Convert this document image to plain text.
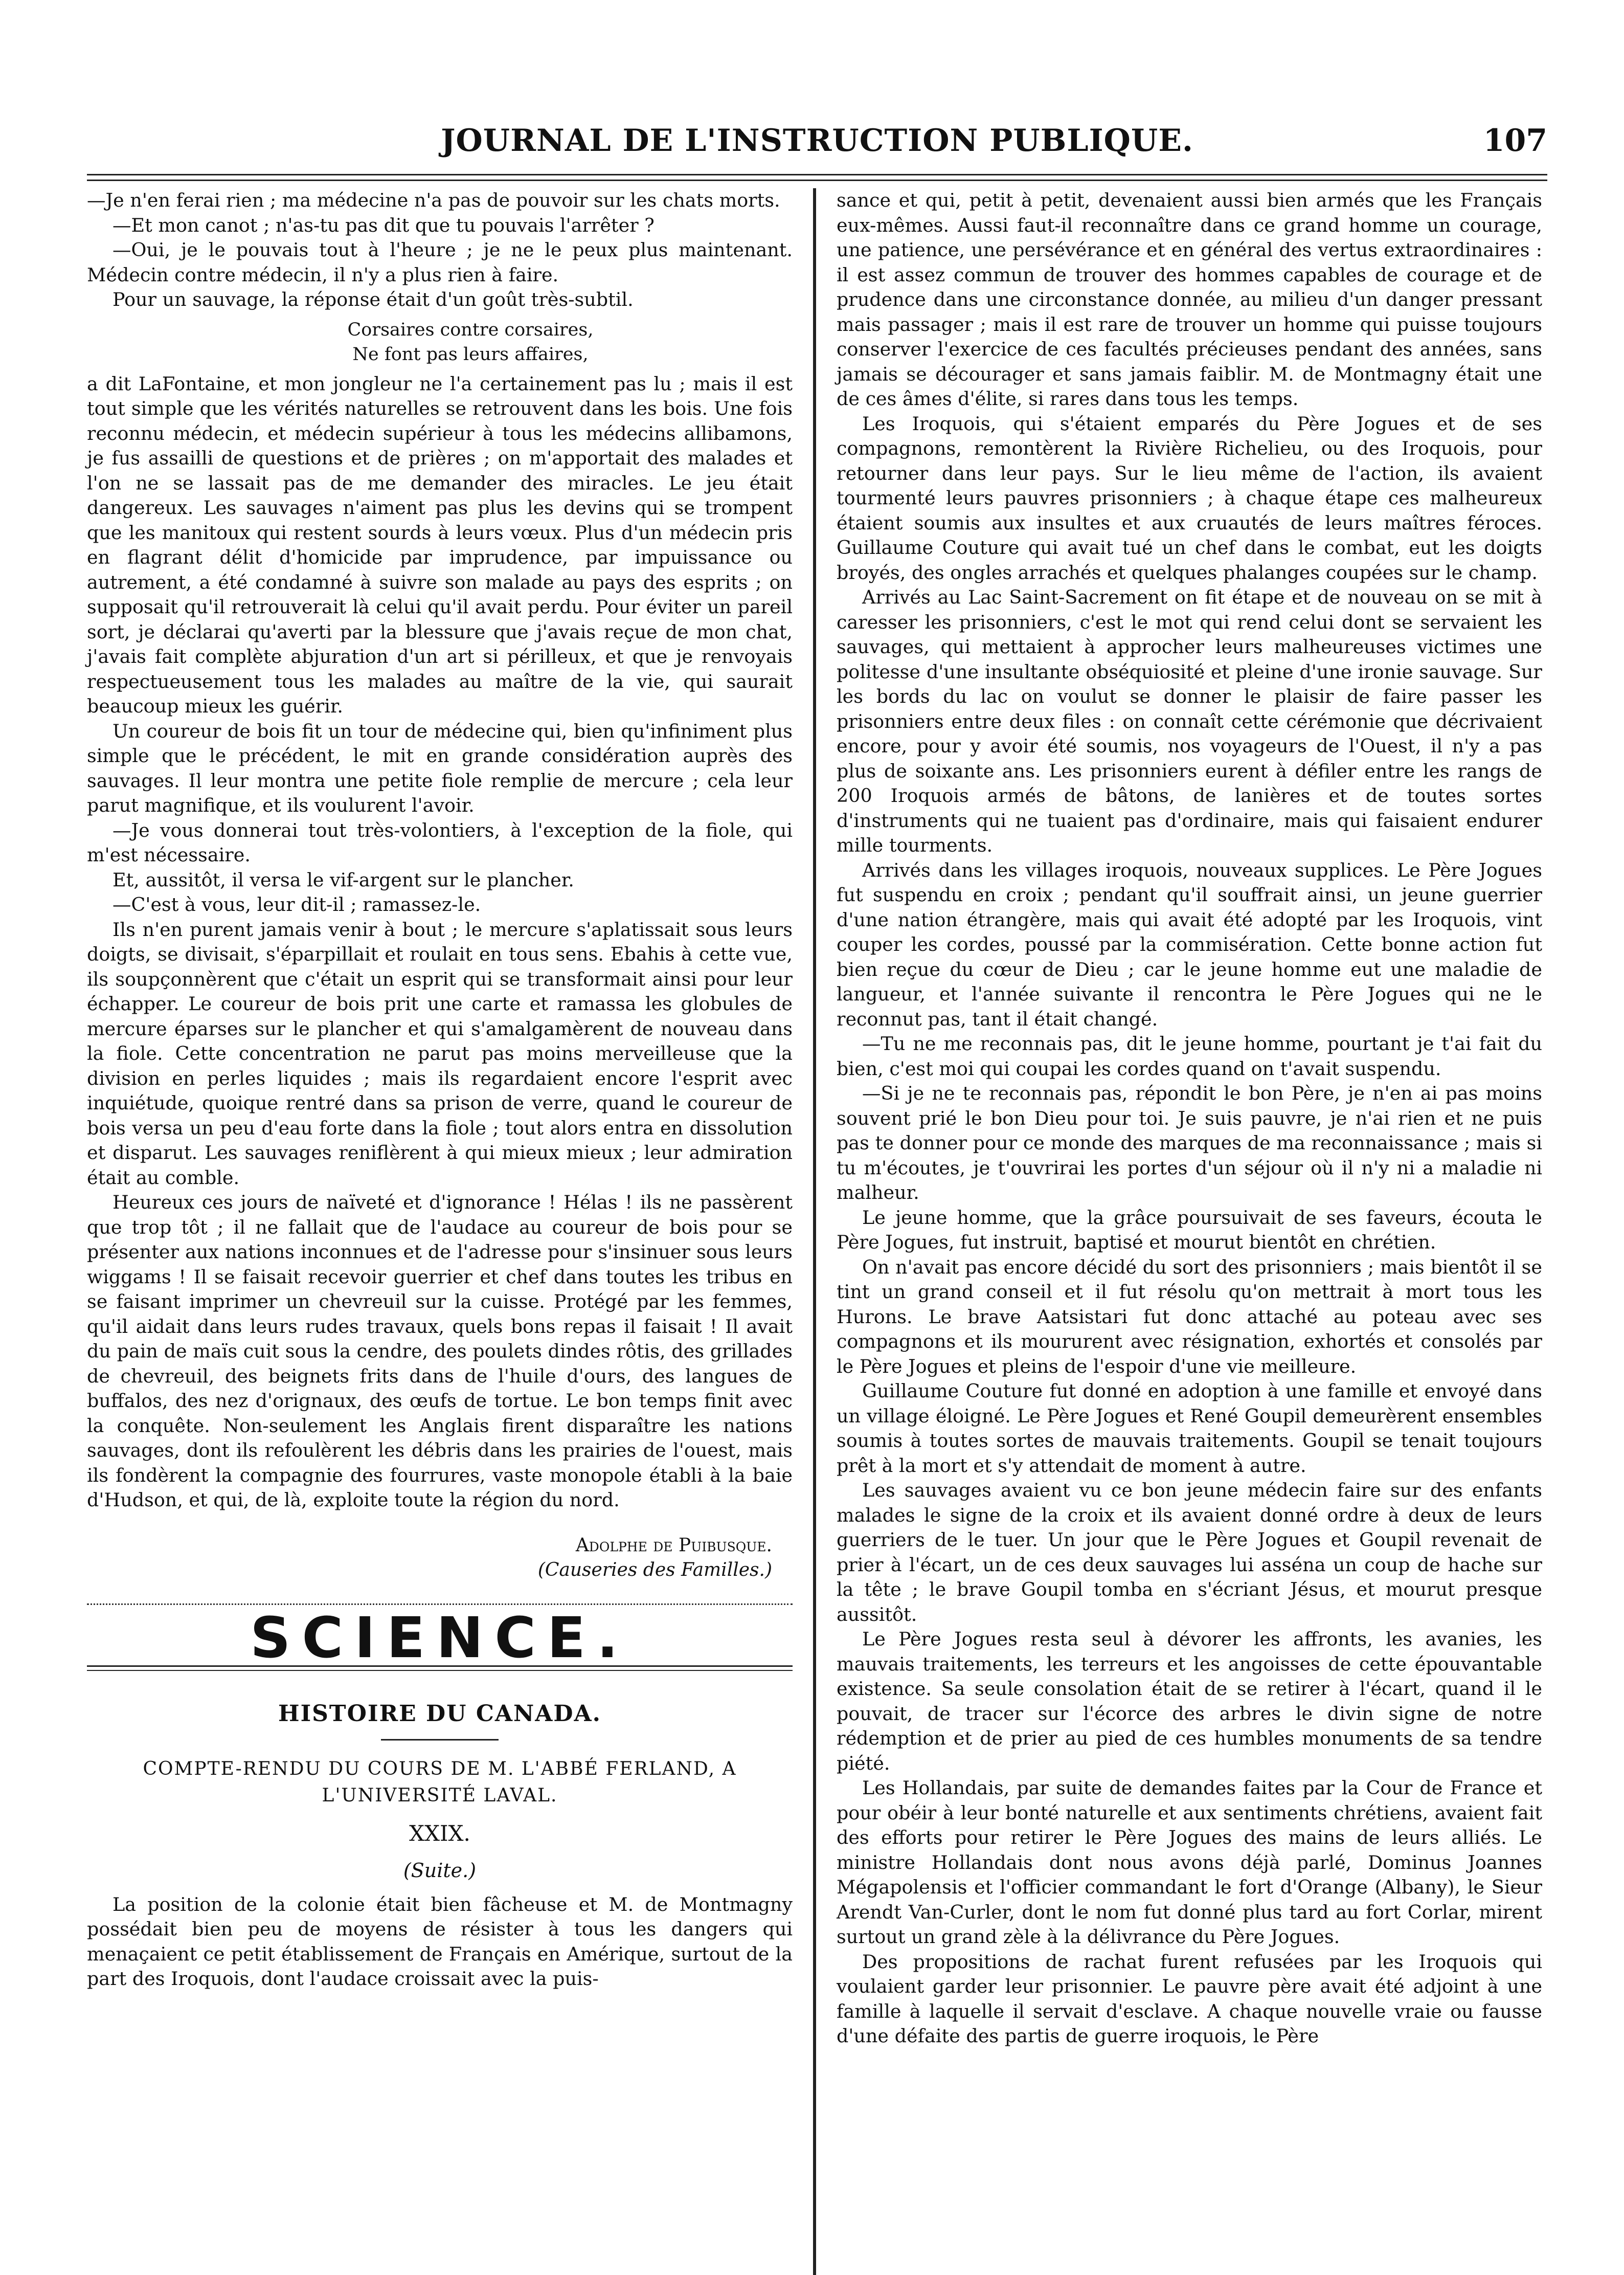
JOURNAL DE L'INSTRUCTION PUBLIQUE.	107

—Je n'en ferai rien ; ma médecine n'a pas de pouvoir sur les chats morts.

—Et mon canot ; n'as-tu pas dit que tu pouvais l'arrêter ?

—Oui, je le pouvais tout à l'heure ; je ne le peux plus maintenant. Médecin contre médecin, il n'y a plus rien à faire.

Pour un sauvage, la réponse était d'un goût très-subtil.

Corsaires contre corsaires,
Ne font pas leurs affaires,

a dit LaFontaine, et mon jongleur ne l'a certainement pas lu ; mais il est tout simple que les vérités naturelles se retrouvent dans les bois. Une fois reconnu médecin, et médecin supérieur à tous les médecins allibamons, je fus assailli de questions et de prières ; on m'apportait des malades et l'on ne se lassait pas de me demander des miracles. Le jeu était dangereux. Les sauvages n'aiment pas plus les devins qui se trompent que les manitoux qui restent sourds à leurs vœux. Plus d'un médecin pris en flagrant délit d'homicide par imprudence, par impuissance ou autrement, a été condamné à suivre son malade au pays des esprits ; on supposait qu'il retrouverait là celui qu'il avait perdu. Pour éviter un pareil sort, je déclarai qu'averti par la blessure que j'avais reçue de mon chat, j'avais fait complète abjuration d'un art si périlleux, et que je renvoyais respectueusement tous les malades au maître de la vie, qui saurait beaucoup mieux les guérir.

Un coureur de bois fit un tour de médecine qui, bien qu'infiniment plus simple que le précédent, le mit en grande considération auprès des sauvages. Il leur montra une petite fiole remplie de mercure ; cela leur parut magnifique, et ils voulurent l'avoir.

—Je vous donnerai tout très-volontiers, à l'exception de la fiole, qui m'est nécessaire.

Et, aussitôt, il versa le vif-argent sur le plancher.

—C'est à vous, leur dit-il ; ramassez-le.

Ils n'en purent jamais venir à bout ; le mercure s'aplatissait sous leurs doigts, se divisait, s'éparpillait et roulait en tous sens. Ebahis à cette vue, ils soupçonnèrent que c'était un esprit qui se transformait ainsi pour leur échapper. Le coureur de bois prit une carte et ramassa les globules de mercure éparses sur le plancher et qui s'amalgamèrent de nouveau dans la fiole. Cette concentration ne parut pas moins merveilleuse que la division en perles liquides ; mais ils regardaient encore l'esprit avec inquiétude, quoique rentré dans sa prison de verre, quand le coureur de bois versa un peu d'eau forte dans la fiole ; tout alors entra en dissolution et disparut. Les sauvages reniflèrent à qui mieux mieux ; leur admiration était au comble.

Heureux ces jours de naïveté et d'ignorance ! Hélas ! ils ne passèrent que trop tôt ; il ne fallait que de l'audace au coureur de bois pour se présenter aux nations inconnues et de l'adresse pour s'insinuer sous leurs wiggams ! Il se faisait recevoir guerrier et chef dans toutes les tribus en se faisant imprimer un chevreuil sur la cuisse. Protégé par les femmes, qu'il aidait dans leurs rudes travaux, quels bons repas il faisait ! Il avait du pain de maïs cuit sous la cendre, des poulets dindes rôtis, des grillades de chevreuil, des beignets frits dans de l'huile d'ours, des langues de buffalos, des nez d'orignaux, des œufs de tortue. Le bon temps finit avec la conquête. Non-seulement les Anglais firent disparaître les nations sauvages, dont ils refoulèrent les débris dans les prairies de l'ouest, mais ils fondèrent la compagnie des fourrures, vaste monopole établi à la baie d'Hudson, et qui, de là, exploite toute la région du nord.

Adolphe de Puibusque.
(Causeries des Familles.)
SCIENCE.
HISTOIRE DU CANADA.
COMPTE-RENDU DU COURS DE M. L'ABBÉ FERLAND, A L'UNIVERSITÉ LAVAL.
XXIX.
(Suite.)

La position de la colonie était bien fâcheuse et M. de Montmagny possédait bien peu de moyens de résister à tous les dangers qui menaçaient ce petit établissement de Français en Amérique, surtout de la part des Iroquois, dont l'audace croissait avec la puis-

sance et qui, petit à petit, devenaient aussi bien armés que les Français eux-mêmes. Aussi faut-il reconnaître dans ce grand homme un courage, une patience, une persévérance et en général des vertus extraordinaires : il est assez commun de trouver des hommes capables de courage et de prudence dans une circonstance donnée, au milieu d'un danger pressant mais passager ; mais il est rare de trouver un homme qui puisse toujours conserver l'exercice de ces facultés précieuses pendant des années, sans jamais se décourager et sans jamais faiblir. M. de Montmagny était une de ces âmes d'élite, si rares dans tous les temps.

Les Iroquois, qui s'étaient emparés du Père Jogues et de ses compagnons, remontèrent la Rivière Richelieu, ou des Iroquois, pour retourner dans leur pays. Sur le lieu même de l'action, ils avaient tourmenté leurs pauvres prisonniers ; à chaque étape ces malheureux étaient soumis aux insultes et aux cruautés de leurs maîtres féroces. Guillaume Couture qui avait tué un chef dans le combat, eut les doigts broyés, des ongles arrachés et quelques phalanges coupées sur le champ.

Arrivés au Lac Saint-Sacrement on fit étape et de nouveau on se mit à caresser les prisonniers, c'est le mot qui rend celui dont se servaient les sauvages, qui mettaient à approcher leurs malheureuses victimes une politesse d'une insultante obséquiosité et pleine d'une ironie sauvage. Sur les bords du lac on voulut se donner le plaisir de faire passer les prisonniers entre deux files : on connaît cette cérémonie que décrivaient encore, pour y avoir été soumis, nos voyageurs de l'Ouest, il n'y a pas plus de soixante ans. Les prisonniers eurent à défiler entre les rangs de 200 Iroquois armés de bâtons, de lanières et de toutes sortes d'instruments qui ne tuaient pas d'ordinaire, mais qui faisaient endurer mille tourments.

Arrivés dans les villages iroquois, nouveaux supplices. Le Père Jogues fut suspendu en croix ; pendant qu'il souffrait ainsi, un jeune guerrier d'une nation étrangère, mais qui avait été adopté par les Iroquois, vint couper les cordes, poussé par la commisération. Cette bonne action fut bien reçue du cœur de Dieu ; car le jeune homme eut une maladie de langueur, et l'année suivante il rencontra le Père Jogues qui ne le reconnut pas, tant il était changé.

—Tu ne me reconnais pas, dit le jeune homme, pourtant je t'ai fait du bien, c'est moi qui coupai les cordes quand on t'avait suspendu.

—Si je ne te reconnais pas, répondit le bon Père, je n'en ai pas moins souvent prié le bon Dieu pour toi. Je suis pauvre, je n'ai rien et ne puis pas te donner pour ce monde des marques de ma reconnaissance ; mais si tu m'écoutes, je t'ouvrirai les portes d'un séjour où il n'y ni a maladie ni malheur.

Le jeune homme, que la grâce poursuivait de ses faveurs, écouta le Père Jogues, fut instruit, baptisé et mourut bientôt en chrétien.

On n'avait pas encore décidé du sort des prisonniers ; mais bientôt il se tint un grand conseil et il fut résolu qu'on mettrait à mort tous les Hurons. Le brave Aatsistari fut donc attaché au poteau avec ses compagnons et ils moururent avec résignation, exhortés et consolés par le Père Jogues et pleins de l'espoir d'une vie meilleure.

Guillaume Couture fut donné en adoption à une famille et envoyé dans un village éloigné. Le Père Jogues et René Goupil demeurèrent ensembles soumis à toutes sortes de mauvais traitements. Goupil se tenait toujours prêt à la mort et s'y attendait de moment à autre.

Les sauvages avaient vu ce bon jeune médecin faire sur des enfants malades le signe de la croix et ils avaient donné ordre à deux de leurs guerriers de le tuer. Un jour que le Père Jogues et Goupil revenait de prier à l'écart, un de ces deux sauvages lui asséna un coup de hache sur la tête ; le brave Goupil tomba en s'écriant Jésus, et mourut presque aussitôt.

Le Père Jogues resta seul à dévorer les affronts, les avanies, les mauvais traitements, les terreurs et les angoisses de cette épouvantable existence. Sa seule consolation était de se retirer à l'écart, quand il le pouvait, de tracer sur l'écorce des arbres le divin signe de notre rédemption et de prier au pied de ces humbles monuments de sa tendre piété.

Les Hollandais, par suite de demandes faites par la Cour de France et pour obéir à leur bonté naturelle et aux sentiments chrétiens, avaient fait des efforts pour retirer le Père Jogues des mains de leurs alliés. Le ministre Hollandais dont nous avons déjà parlé, Dominus Joannes Mégapolensis et l'officier commandant le fort d'Orange (Albany), le Sieur Arendt Van-Curler, dont le nom fut donné plus tard au fort Corlar, mirent surtout un grand zèle à la délivrance du Père Jogues.

Des propositions de rachat furent refusées par les Iroquois qui voulaient garder leur prisonnier. Le pauvre père avait été adjoint à une famille à laquelle il servait d'esclave. A chaque nouvelle vraie ou fausse d'une défaite des partis de guerre iroquois, le Père
